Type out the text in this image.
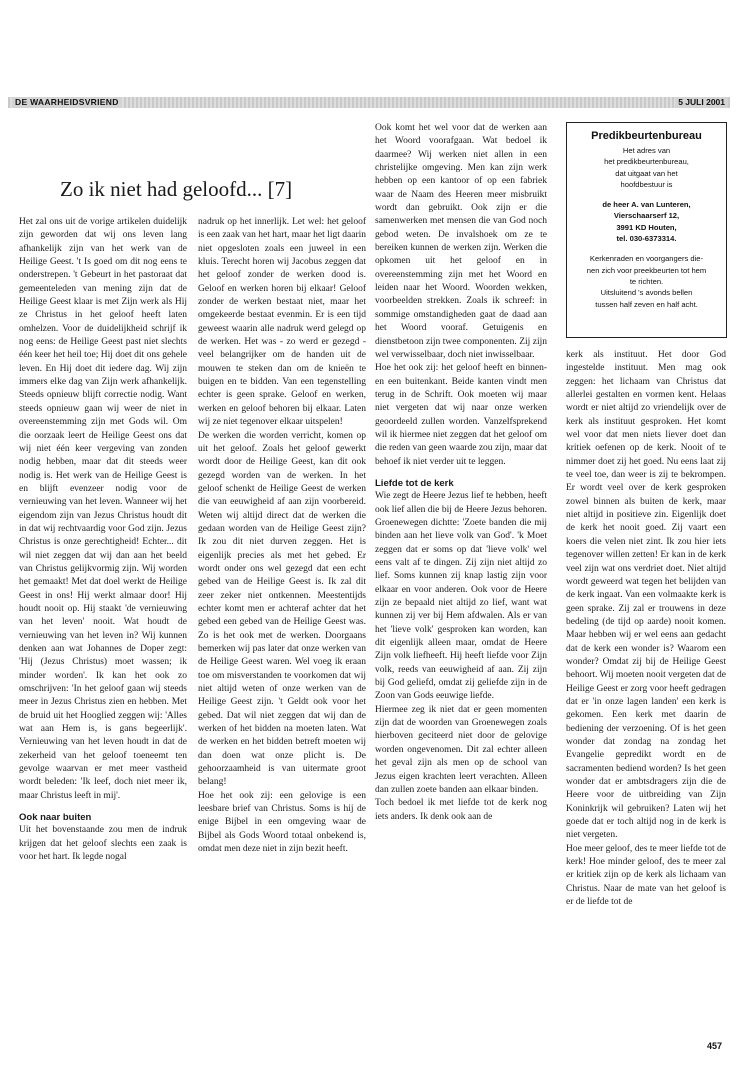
DE WAARHEIDSVRIEND	5 JULI 2001
Zo ik niet had geloofd... [7]

Het zal ons uit de vorige artikelen duidelijk zijn geworden dat wij ons leven lang afhankelijk zijn van het werk van de Heilige Geest. 't Is goed om dit nog eens te onderstrepen. 't Gebeurt in het pastoraat dat gemeenteleden van mening zijn dat de Heilige Geest klaar is met Zijn werk als Hij ze Christus in het geloof heeft laten omhelzen. Voor de duidelijkheid schrijf ik nog eens: de Heilige Geest past niet slechts één keer het heil toe; Hij doet dit ons gehele leven. En Hij doet dit iedere dag. Wij zijn immers elke dag van Zijn werk afhankelijk. Steeds opnieuw blijft correctie nodig. Want steeds opnieuw gaan wij weer de niet in overeenstemming zijn met Gods wil. Om die oorzaak leert de Heilige Geest ons dat wij niet één keer vergeving van zonden nodig hebben, maar dat dit steeds weer nodig is. Het werk van de Heilige Geest is en blijft evenzeer nodig voor de vernieuwing van het leven. Wanneer wij het eigendom zijn van Jezus Christus houdt dit in dat wij rechtvaardig voor God zijn. Jezus Christus is onze gerechtigheid! Echter... dit wil niet zeggen dat wij dan aan het beeld van Christus gelijkvormig zijn. Wij worden het gemaakt! Met dat doel werkt de Heilige Geest in ons! Hij werkt almaar door! Hij houdt nooit op. Hij staakt 'de vernieuwing van het leven' nooit. Wat houdt de vernieuwing van het leven in? Wij kunnen denken aan wat Johannes de Doper zegt: 'Hij (Jezus Christus) moet wassen; ik minder worden'. Ik kan het ook zo omschrijven: 'In het geloof gaan wij steeds meer in Jezus Christus zien en hebben. Met de bruid uit het Hooglied zeggen wij: 'Alles wat aan Hem is, is gans begeerlijk'. Vernieuwing van het leven houdt in dat de zekerheid van het geloof toeneemt ten gevolge waarvan er met meer vastheid wordt beleden: 'Ik leef, doch niet meer ik, maar Christus leeft in mij'.

Ook naar buiten

Uit het bovenstaande zou men de indruk krijgen dat het geloof slechts een zaak is voor het hart. Ik legde nogal

nadruk op het innerlijk. Let wel: het geloof is een zaak van het hart, maar het ligt daarin niet opgesloten zoals een juweel in een kluis. Terecht horen wij Jacobus zeggen dat het geloof zonder de werken dood is. Geloof en werken horen bij elkaar! Geloof zonder de werken bestaat niet, maar het omgekeerde bestaat evenmin. Er is een tijd geweest waarin alle nadruk werd gelegd op de werken. Het was - zo werd er gezegd - veel belangrijker om de handen uit de mouwen te steken dan om de knieën te buigen en te bidden. Van een tegenstelling echter is geen sprake. Geloof en werken, werken en geloof behoren bij elkaar. Laten wij ze niet tegenover elkaar uitspelen!

De werken die worden verricht, komen op uit het geloof. Zoals het geloof gewerkt wordt door de Heilige Geest, kan dit ook gezegd worden van de werken. In het geloof schenkt de Heilige Geest de werken die van eeuwigheid af aan zijn voorbereid. Weten wij altijd direct dat de werken die gedaan worden van de Heilige Geest zijn? Ik zou dit niet durven zeggen. Het is eigenlijk precies als met het gebed. Er wordt onder ons wel gezegd dat een echt gebed van de Heilige Geest is. Ik zal dit zeer zeker niet ontkennen. Meestentijds echter komt men er achteraf achter dat het gebed een gebed van de Heilige Geest was. Zo is het ook met de werken. Doorgaans bemerken wij pas later dat onze werken van de Heilige Geest waren. Wel voeg ik eraan toe om misverstanden te voorkomen dat wij niet altijd weten of onze werken van de Heilige Geest zijn. 't Geldt ook voor het gebed. Dat wil niet zeggen dat wij dan de werken of het bidden na moeten laten. Wat de werken en het bidden betreft moeten wij dan doen wat onze plicht is. De gehoorzaamheid is van uitermate groot belang!

Hoe het ook zij: een gelovige is een leesbare brief van Christus. Soms is hij de enige Bijbel in een omgeving waar de Bijbel als Gods Woord totaal onbekend is, omdat men deze niet in zijn bezit heeft.

Ook komt het wel voor dat de werken aan het Woord voorafgaan. Wat bedoel ik daarmee? Wij werken niet allen in een christelijke omgeving. Men kan zijn werk hebben op een kantoor of op een fabriek waar de Naam des Heeren meer misbruikt wordt dan gebruikt. Ook zijn er die samenwerken met mensen die van God noch gebod weten. De invalshoek om ze te bereiken kunnen de werken zijn. Werken die opkomen uit het geloof en in overeenstemming zijn met het Woord en leiden naar het Woord. Woorden wekken, voorbeelden strekken. Zoals ik schreef: in sommige omstandigheden gaat de daad aan het Woord vooraf. Getuigenis en dienstbetoon zijn twee componenten. Zij zijn wel verwisselbaar, doch niet inwisselbaar.

Hoe het ook zij: het geloof heeft en binnen- en een buitenkant. Beide kanten vindt men terug in de Schrift. Ook moeten wij maar niet vergeten dat wij naar onze werken geoordeeld zullen worden. Vanzelfsprekend wil ik hiermee niet zeggen dat het geloof om die reden van geen waarde zou zijn, maar dat behoef ik niet verder uit te leggen.

Liefde tot de kerk

Wie zegt de Heere Jezus lief te hebben, heeft ook lief allen die bij de Heere Jezus behoren. Groenewegen dichtte: 'Zoete banden die mij binden aan het lieve volk van God'. 'k Moet zeggen dat er soms op dat 'lieve volk' wel eens valt af te dingen. Zij zijn niet altijd zo lief. Soms kunnen zij knap lastig zijn voor elkaar en voor anderen. Ook voor de Heere zijn ze bepaald niet altijd zo lief, want wat kunnen zij ver bij Hem afdwalen. Als er van het 'lieve volk' gesproken kan worden, kan dit eigenlijk alleen maar, omdat de Heere Zijn volk liefheeft. Hij heeft liefde voor Zijn volk, reeds van eeuwigheid af aan. Zij zijn bij God geliefd, omdat zij geliefde zijn in de Zoon van Gods eeuwige liefde.

Hiermee zeg ik niet dat er geen momenten zijn dat de woorden van Groenewegen zoals hierboven geciteerd niet door de gelovige worden ongevenomen. Dit zal echter alleen het geval zijn als men op de school van Jezus eigen krachten leert verachten. Alleen dan zullen zoete banden aan elkaar binden.

Toch bedoel ik met liefde tot de kerk nog iets anders. Ik denk ook aan de

Predikbeurtenbureau
Het adres van
het predikbeurtenbureau,
dat uitgaat van het
hoofdbestuur is
de heer A. van Lunteren,
Vierschaarserf 12,
3991 KD Houten,
tel. 030-6373314.
Kerkenraden en voorgangers die-
nen zich voor preekbeurten tot hem
te richten.
Uitsluitend 's avonds bellen
tussen half zeven en half acht.

kerk als instituut. Het door God ingestelde instituut. Men mag ook zeggen: het lichaam van Christus dat allerlei gestalten en vormen kent. Helaas wordt er niet altijd zo vriendelijk over de kerk als instituut gesproken. Het komt wel voor dat men niets liever doet dan kritiek oefenen op de kerk. Nooit of te nimmer doet zij het goed. Nu eens laat zij te veel toe, dan weer is zij te bekrompen. Er wordt veel over de kerk gesproken zowel binnen als buiten de kerk, maar niet altijd in positieve zin. Eigenlijk doet de kerk het nooit goed. Zij vaart een koers die velen niet zint. Ik zou hier iets tegenover willen zetten! Er kan in de kerk veel zijn wat ons verdriet doet. Niet altijd wordt geweerd wat tegen het belijden van de kerk ingaat. Van een volmaakte kerk is geen sprake. Zij zal er trouwens in deze bedeling (de tijd op aarde) nooit komen. Maar hebben wij er wel eens aan gedacht dat de kerk een wonder is? Waarom een wonder? Omdat zij bij de Heilige Geest behoort. Wij moeten nooit vergeten dat de Heilige Geest er zorg voor heeft gedragen dat er 'in onze lagen landen' een kerk is gekomen. Een kerk met daarin de bediening der verzoening. Of is het geen wonder dat zondag na zondag het Evangelie gepredikt wordt en de sacramenten bediend worden? Is het geen wonder dat er ambtsdragers zijn die de Heere voor de uitbreiding van Zijn Koninkrijk wil gebruiken? Laten wij het goede dat er toch altijd nog in de kerk is niet vergeten.

Hoe meer geloof, des te meer liefde tot de kerk! Hoe minder geloof, des te meer zal er kritiek zijn op de kerk als lichaam van Christus. Naar de mate van het geloof is er de liefde tot de

457
